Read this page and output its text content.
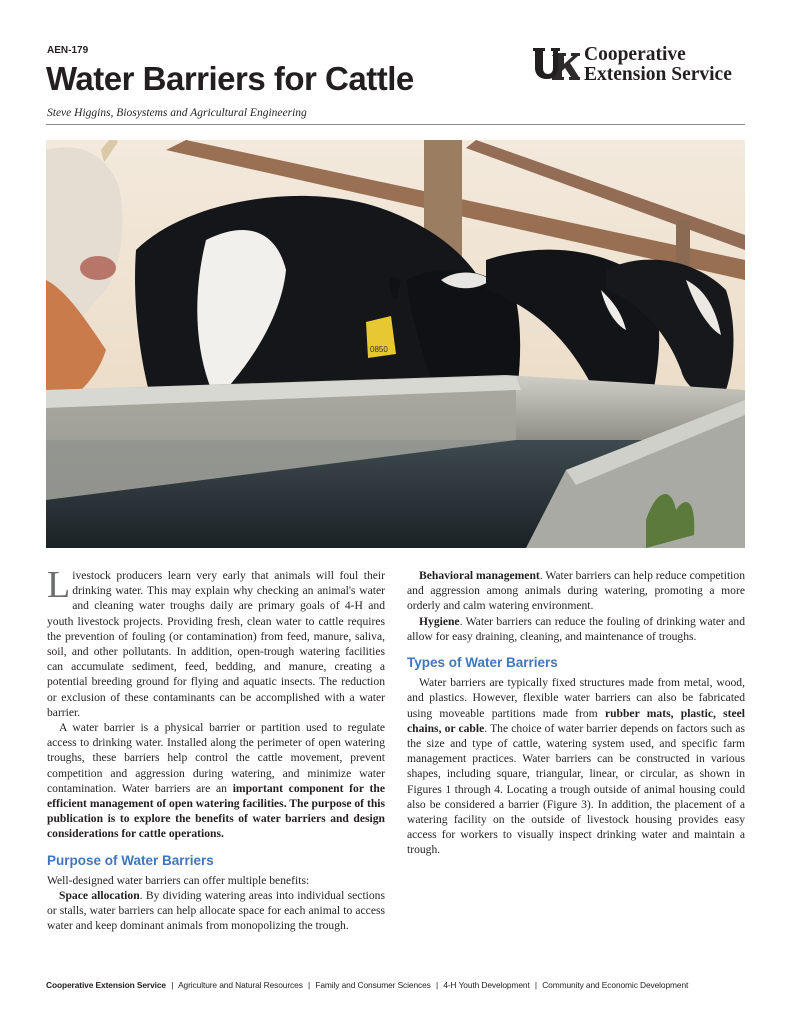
AEN-179
Water Barriers for Cattle
Steve Higgins, Biosystems and Agricultural Engineering
Cooperative
Extension Service
0850

Livestock producers learn very early that animals will foul their drinking water. This may explain why checking an animal's water and cleaning water troughs daily are primary goals of 4-H and youth livestock projects. Providing fresh, clean water to cattle requires the prevention of fouling (or contamination) from feed, manure, saliva, soil, and other pollutants. In addition, open-trough watering facilities can accumulate sediment, feed, bedding, and manure, creating a potential breeding ground for flying and aquatic insects. The reduction or exclusion of these contaminants can be accomplished with a water barrier.

A water barrier is a physical barrier or partition used to regulate access to drinking water. Installed along the perimeter of open watering troughs, these barriers help control the cattle movement, prevent competition and aggression during watering, and minimize water contamination. Water barriers are an important component for the efficient management of open watering facilities. The purpose of this publication is to explore the benefits of water barriers and design considerations for cattle operations.

Purpose of Water Barriers

Well-designed water barriers can offer multiple benefits:

Space allocation. By dividing watering areas into individual sections or stalls, water barriers can help allocate space for each animal to access water and keep dominant animals from monopolizing the trough.

Behavioral management. Water barriers can help reduce competition and aggression among animals during watering, promoting a more orderly and calm watering environment.

Hygiene. Water barriers can reduce the fouling of drinking water and allow for easy draining, cleaning, and maintenance of troughs.

Types of Water Barriers

Water barriers are typically fixed structures made from metal, wood, and plastics. However, flexible water barriers can also be fabricated using moveable partitions made from rubber mats, plastic, steel chains, or cable. The choice of water barrier depends on factors such as the size and type of cattle, watering system used, and specific farm management practices. Water barriers can be constructed in various shapes, including square, triangular, linear, or circular, as shown in Figures 1 through 4. Locating a trough outside of animal housing could also be considered a barrier (Figure 3). In addition, the placement of a watering facility on the outside of livestock housing provides easy access for workers to visually inspect drinking water and maintain a trough.

Cooperative Extension Service | Agriculture and Natural Resources | Family and Consumer Sciences | 4-H Youth Development | Community and Economic Development
